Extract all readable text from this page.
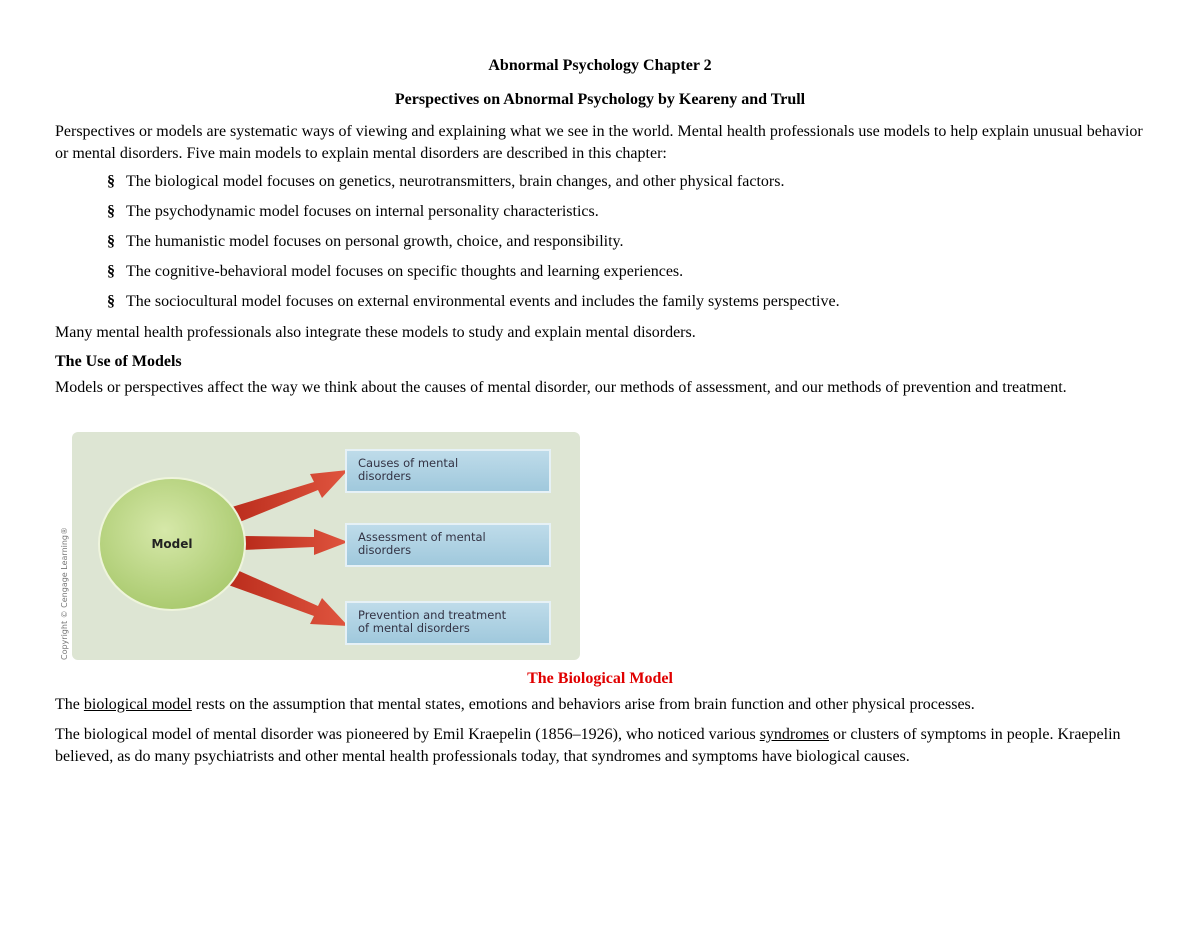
Abnormal Psychology Chapter 2

Perspectives on Abnormal Psychology by Keareny and Trull

Perspectives or models are systematic ways of viewing and explaining what we see in the world. Mental health professionals use models to help explain unusual behavior or mental disorders. Five main models to explain mental disorders are described in this chapter:

§ The biological model focuses on genetics, neurotransmitters, brain changes, and other physical factors.

§ The psychodynamic model focuses on internal personality characteristics.

§ The humanistic model focuses on personal growth, choice, and responsibility.

§ The cognitive-behavioral model focuses on specific thoughts and learning experiences.

§ The sociocultural model focuses on external environmental events and includes the family systems perspective.

Many mental health professionals also integrate these models to study and explain mental disorders.

The Use of Models

Models or perspectives affect the way we think about the causes of mental disorder, our methods of assessment, and our methods of prevention and treatment.

Copyright © Cengage Learning®	Model
Causes of mental
disorders
Assessment of mental
disorders
Prevention and treatment
of mental disorders

The Biological Model

The biological model rests on the assumption that mental states, emotions and behaviors arise from brain function and other physical processes.

The biological model of mental disorder was pioneered by Emil Kraepelin (1856–1926), who noticed various syndromes or clusters of symptoms in people. Kraepelin believed, as do many psychiatrists and other mental health professionals today, that syndromes and symptoms have biological causes.
